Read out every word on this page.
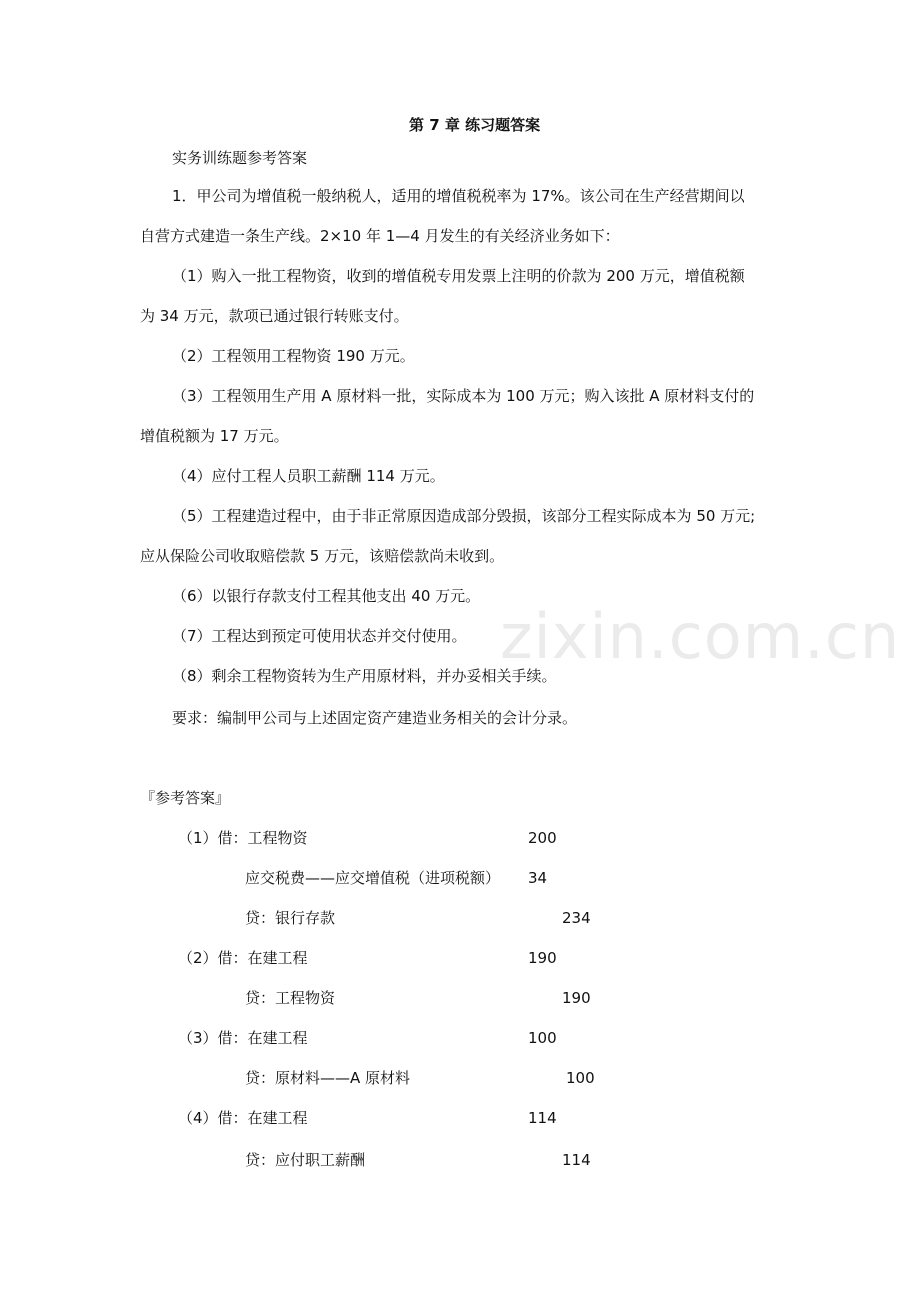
zixin.com.cn
第 7 章 练习题答案
实务训练题参考答案
1．甲公司为增值税一般纳税人，适用的增值税税率为 17%。该公司在生产经营期间以
自营方式建造一条生产线。2×10 年 1—4 月发生的有关经济业务如下：
（1）购入一批工程物资，收到的增值税专用发票上注明的价款为 200 万元，增值税额
为 34 万元，款项已通过银行转账支付。
（2）工程领用工程物资 190 万元。
（3）工程领用生产用 A 原材料一批，实际成本为 100 万元；购入该批 A 原材料支付的
增值税额为 17 万元。
（4）应付工程人员职工薪酬 114 万元。
（5）工程建造过程中，由于非正常原因造成部分毁损，该部分工程实际成本为 50 万元;
应从保险公司收取赔偿款 5 万元，该赔偿款尚未收到。
（6）以银行存款支付工程其他支出 40 万元。
（7）工程达到预定可使用状态并交付使用。
（8）剩余工程物资转为生产用原材料，并办妥相关手续。
要求：编制甲公司与上述固定资产建造业务相关的会计分录。
『参考答案』
（1）借：工程物资	200
应交税费——应交增值税（进项税额） 34
贷：银行存款	234
（2）借：在建工程	190
贷：工程物资	190
（3）借：在建工程	100
贷：原材料——A 原材料	100
（4）借：在建工程	114
贷：应付职工薪酬	114
